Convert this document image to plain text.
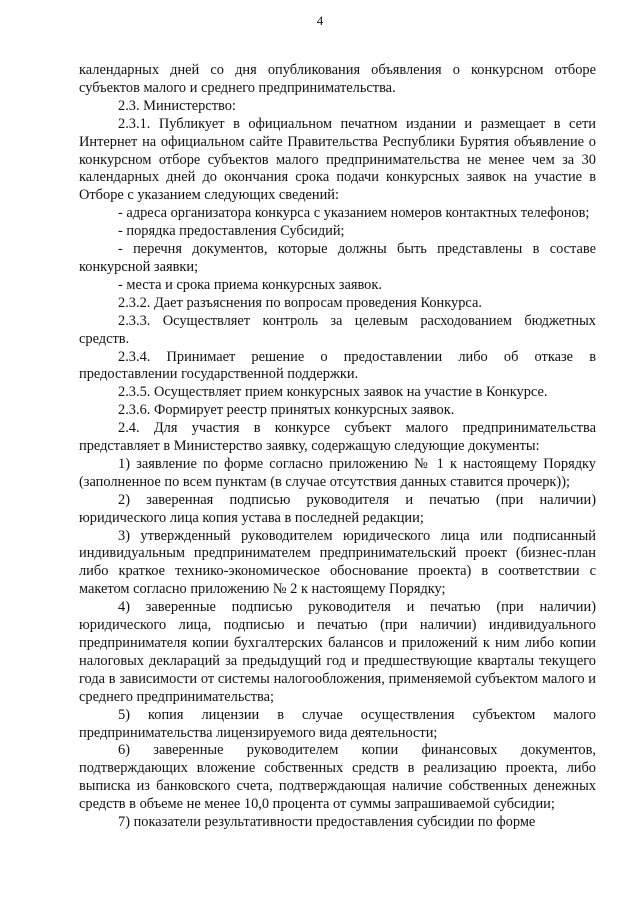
4

календарных дней со дня опубликования объявления о конкурсном отборе субъектов малого и среднего предпринимательства.

2.3. Министерство:

2.3.1. Публикует в официальном печатном издании и размещает в сети Интернет на официальном сайте Правительства Республики Бурятия объявление о конкурсном отборе субъектов малого предпринимательства не менее чем за 30 календарных дней до окончания срока подачи конкурсных заявок на участие в Отборе с указанием следующих сведений:

- адреса организатора конкурса с указанием номеров контактных телефонов;

- порядка предоставления Субсидий;

- перечня документов, которые должны быть представлены в составе конкурсной заявки;

- места и срока приема конкурсных заявок.

2.3.2. Дает разъяснения по вопросам проведения Конкурса.

2.3.3. Осуществляет контроль за целевым расходованием бюджетных средств.

2.3.4. Принимает решение о предоставлении либо об отказе в предоставлении государственной поддержки.

2.3.5. Осуществляет прием конкурсных заявок на участие в Конкурсе.

2.3.6. Формирует реестр принятых конкурсных заявок.

2.4. Для участия в конкурсе субъект малого предпринимательства представляет в Министерство заявку, содержащую следующие документы:

1) заявление по форме согласно приложению № 1 к настоящему Порядку (заполненное по всем пунктам (в случае отсутствия данных ставится прочерк));

2) заверенная подписью руководителя и печатью (при наличии) юридического лица копия устава в последней редакции;

3) утвержденный руководителем юридического лица или подписанный индивидуальным предпринимателем предпринимательский проект (бизнес-план либо краткое технико-экономическое обоснование проекта) в соответствии с макетом согласно приложению № 2 к настоящему Порядку;

4) заверенные подписью руководителя и печатью (при наличии) юридического лица, подписью и печатью (при наличии) индивидуального предпринимателя копии бухгалтерских балансов и приложений к ним либо копии налоговых деклараций за предыдущий год и предшествующие кварталы текущего года в зависимости от системы налогообложения, применяемой субъектом малого и среднего предпринимательства;

5) копия лицензии в случае осуществления субъектом малого предпринимательства лицензируемого вида деятельности;

6) заверенные руководителем копии финансовых документов, подтверждающих вложение собственных средств в реализацию проекта, либо выписка из банковского счета, подтверждающая наличие собственных денежных средств в объеме не менее 10,0 процента от суммы запрашиваемой субсидии;

7) показатели результативности предоставления субсидии по форме
